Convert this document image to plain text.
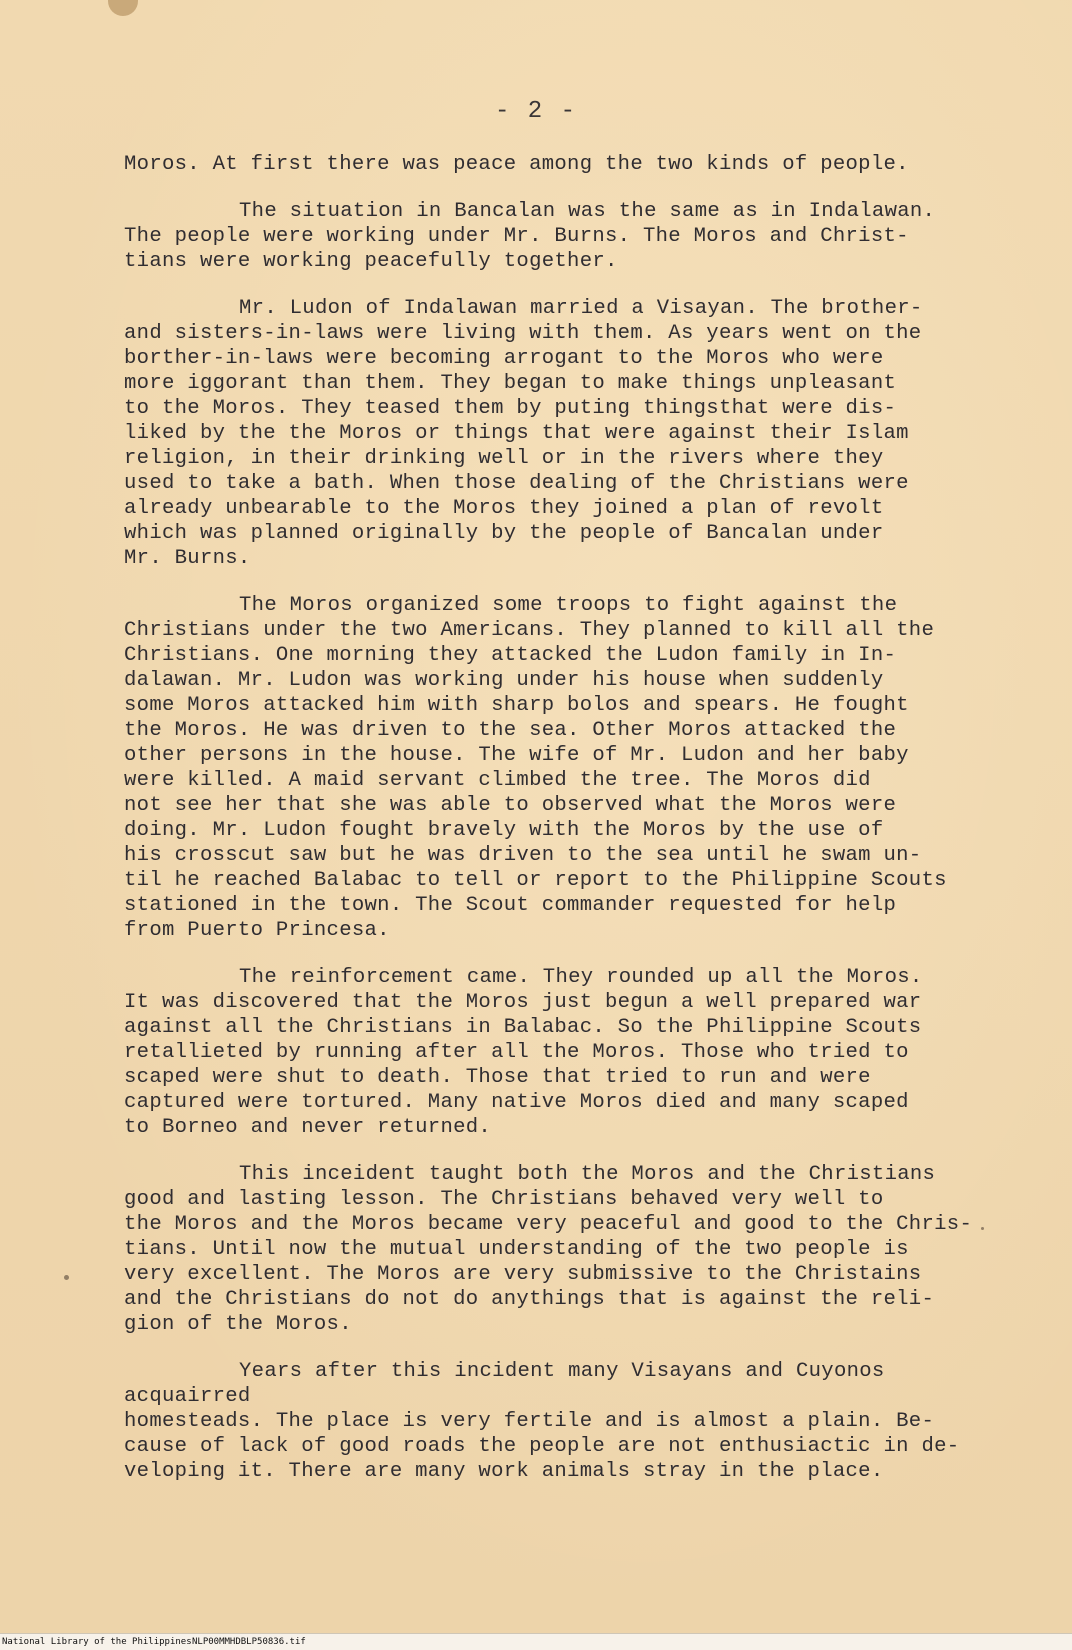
- 2 -

Moros. At first there was peace among the two kinds of people.

The situation in Bancalan was the same as in Indalawan.
The people were working under Mr. Burns. The Moros and Christ-
tians were working peacefully together.

Mr. Ludon of Indalawan married a Visayan. The brother-
and sisters-in-laws were living with them. As years went on the
borther-in-laws were becoming arrogant to the Moros who were
more iggorant than them. They began to make things unpleasant
to the Moros. They teased them by puting thingsthat were dis-
liked by the the Moros or things that were against their Islam
religion, in their drinking well or in the rivers where they
used to take a bath. When those dealing of the Christians were
already unbearable to the Moros they joined a plan of revolt
which was planned originally by the people of Bancalan under
Mr. Burns.

The Moros organized some troops to fight against the
Christians under the two Americans. They planned to kill all the
Christians. One morning they attacked the Ludon family in In-
dalawan. Mr. Ludon was working under his house when suddenly
some Moros attacked him with sharp bolos and spears. He fought
the Moros. He was driven to the sea. Other Moros attacked the
other persons in the house. The wife of Mr. Ludon and her baby
were killed. A maid servant climbed the tree. The Moros did
not see her that she was able to observed what the Moros were
doing. Mr. Ludon fought bravely with the Moros by the use of
his crosscut saw but he was driven to the sea until he swam un-
til he reached Balabac to tell or report to the Philippine Scouts
stationed in the town. The Scout commander requested for help
from Puerto Princesa.

The reinforcement came. They rounded up all the Moros.
It was discovered that the Moros just begun a well prepared war
against all the Christians in Balabac. So the Philippine Scouts
retallieted by running after all the Moros. Those who tried to
scaped were shut to death. Those that tried to run and were
captured were tortured. Many native Moros died and many scaped
to Borneo and never returned.

This inceident taught both the Moros and the Christians
good and lasting lesson. The Christians behaved very well to
the Moros and the Moros became very peaceful and good to the Chris-
tians. Until now the mutual understanding of the two people is
very excellent. The Moros are very submissive to the Christains
and the Christians do not do anythings that is against the reli-
gion of the Moros.

Years after this incident many Visayans and Cuyonos acquairred
homesteads. The place is very fertile and is almost a plain. Be-
cause of lack of good roads the people are not enthusiactic in de-
veloping it. There are many work animals stray in the place.

National Library of the Philippines NLP00MMHDBLP50836.tif
